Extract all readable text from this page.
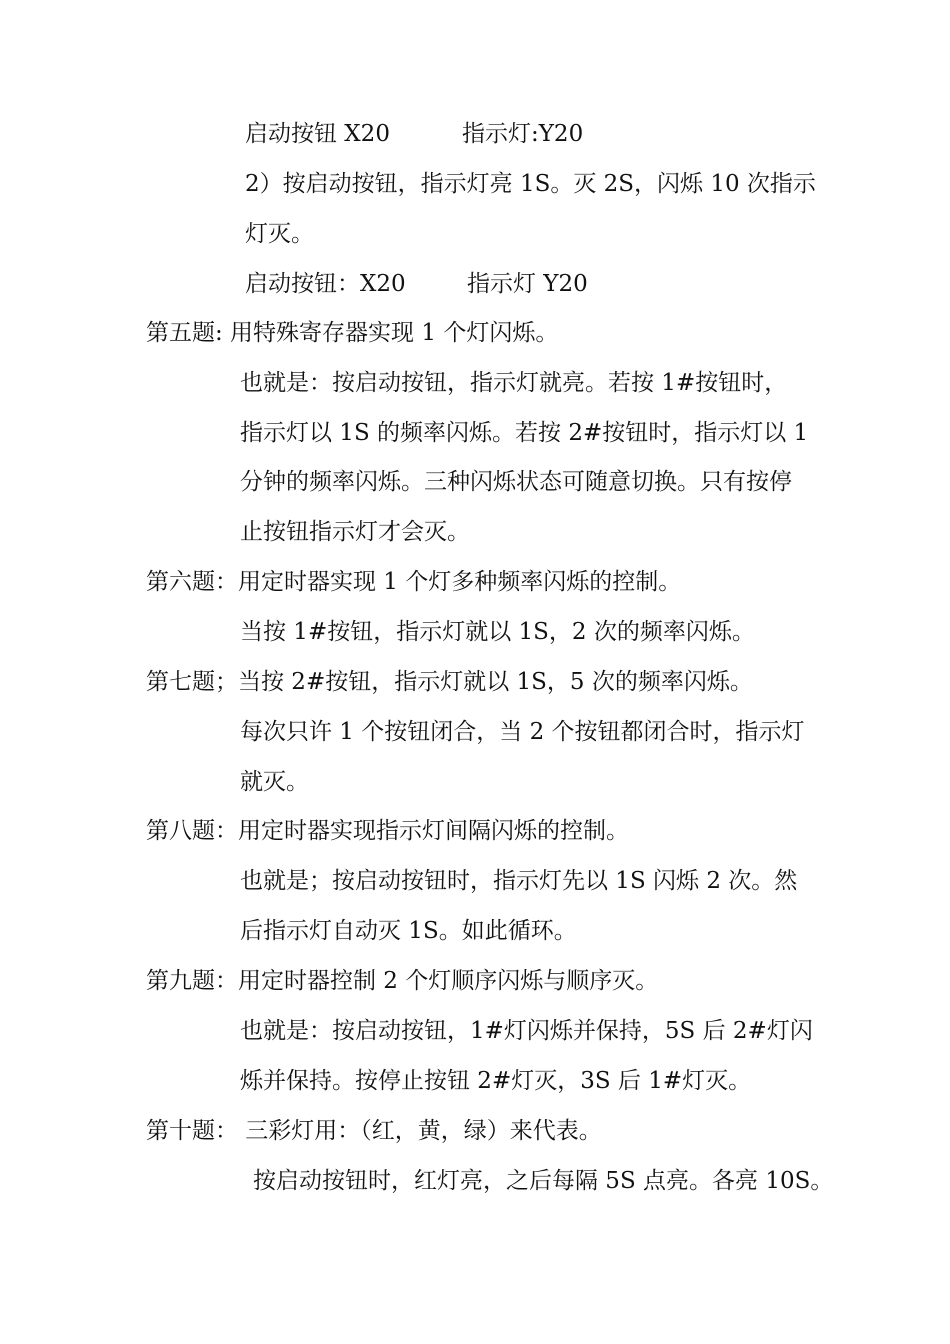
启动按钮 X20	指示灯:Y20
2）按启动按钮，指示灯亮 1S。灭 2S，闪烁 10 次指示
灯灭。
启动按钮：X20	指示灯 Y20
第五题: 用特殊寄存器实现 1 个灯闪烁。
也就是：按启动按钮，指示灯就亮。若按 1#按钮时，
指示灯以 1S 的频率闪烁。若按 2#按钮时，指示灯以 1
分钟的频率闪烁。三种闪烁状态可随意切换。只有按停
止按钮指示灯才会灭。
第六题：用定时器实现 1 个灯多种频率闪烁的控制。
当按 1#按钮，指示灯就以 1S，2 次的频率闪烁。
第七题；当按 2#按钮，指示灯就以 1S，5 次的频率闪烁。
每次只许 1 个按钮闭合，当 2 个按钮都闭合时，指示灯
就灭。
第八题：用定时器实现指示灯间隔闪烁的控制。
也就是；按启动按钮时，指示灯先以 1S 闪烁 2 次。然
后指示灯自动灭 1S。如此循环。
第九题：用定时器控制 2 个灯顺序闪烁与顺序灭。
也就是：按启动按钮，1#灯闪烁并保持，5S 后 2#灯闪
烁并保持。按停止按钮 2#灯灭，3S 后 1#灯灭。
第十题： 三彩灯用：（红，黄，绿）来代表。
按启动按钮时，红灯亮，之后每隔 5S 点亮。各亮 10S。
